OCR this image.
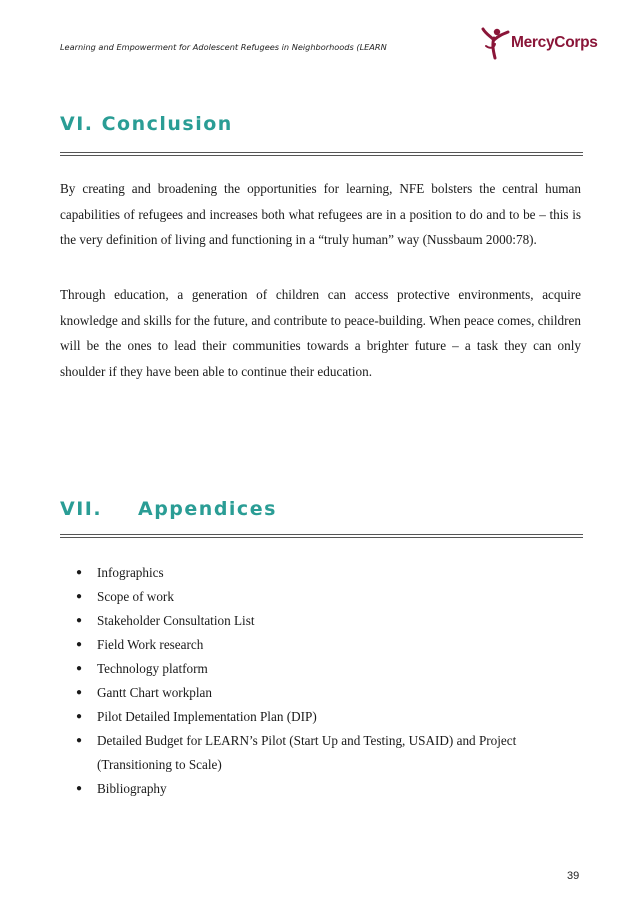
Learning and Empowerment for Adolescent Refugees in Neighborhoods (LEARN	MercyCorps
VI. Conclusion

By creating and broadening the opportunities for learning, NFE bolsters the central human capabilities of refugees and increases both what refugees are in a position to do and to be – this is the very definition of living and functioning in a “truly human” way (Nussbaum 2000:78).

Through education, a generation of children can access protective environments, acquire knowledge and skills for the future, and contribute to peace-building. When peace comes, children will be the ones to lead their communities towards a brighter future – a task they can only shoulder if they have been able to continue their education.

VII. Appendices
● Infographics
● Scope of work
● Stakeholder Consultation List
● Field Work research
● Technology platform
● Gantt Chart workplan
● Pilot Detailed Implementation Plan (DIP)
● Detailed Budget for LEARN’s Pilot (Start Up and Testing, USAID) and Project (Transitioning to Scale)
● Bibliography
39
